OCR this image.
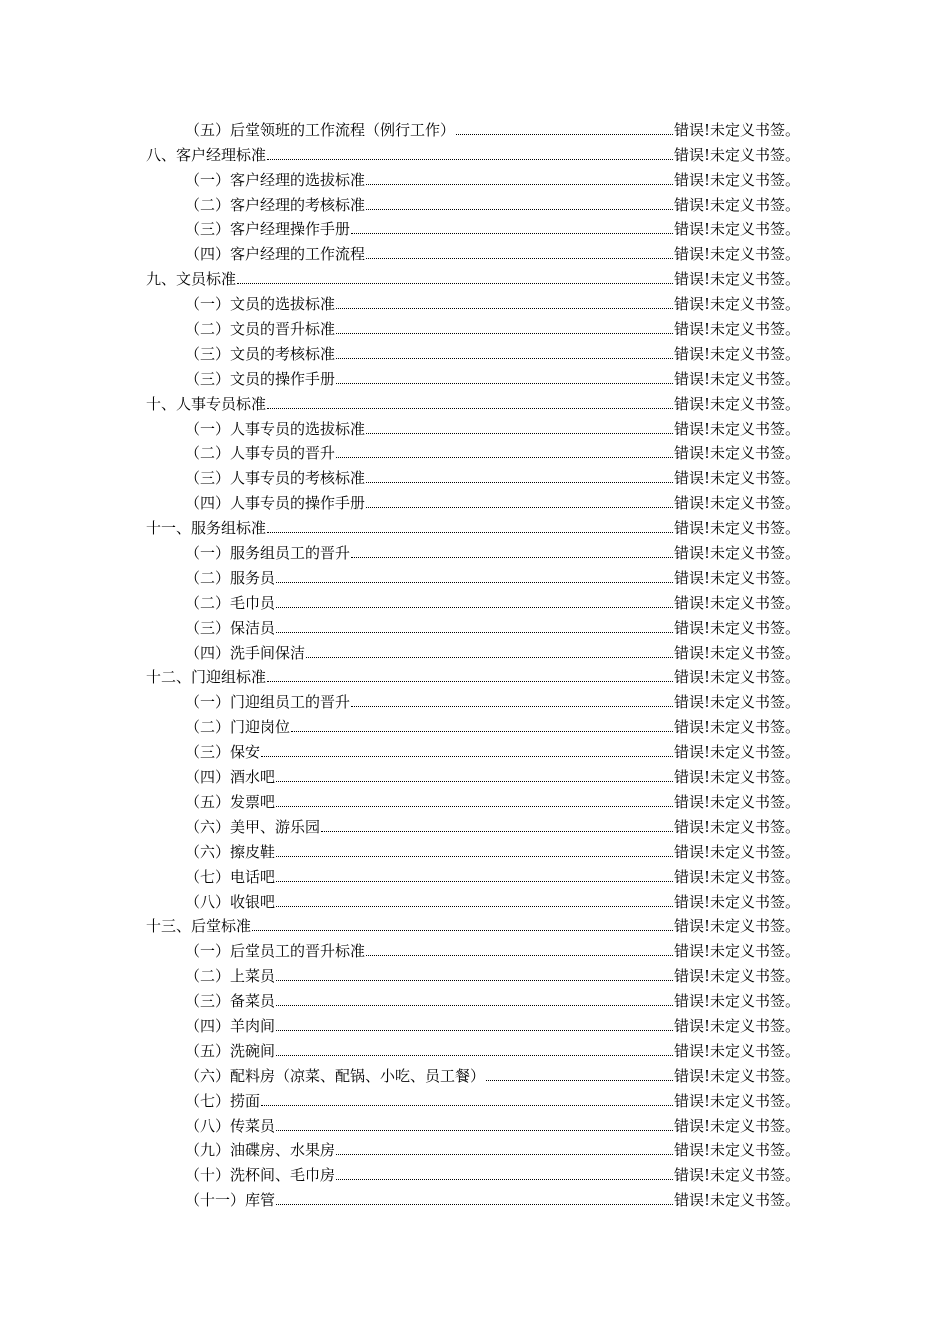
（五）后堂领班的工作流程（例行工作）	错误!未定义书签。
八、客户经理标准	错误!未定义书签。
（一）客户经理的选拔标准	错误!未定义书签。
（二）客户经理的考核标准	错误!未定义书签。
（三）客户经理操作手册	错误!未定义书签。
（四）客户经理的工作流程	错误!未定义书签。
九、文员标准	错误!未定义书签。
（一）文员的选拔标准	错误!未定义书签。
（二）文员的晋升标准	错误!未定义书签。
（三）文员的考核标准	错误!未定义书签。
（三）文员的操作手册	错误!未定义书签。
十、人事专员标准	错误!未定义书签。
（一）人事专员的选拔标准	错误!未定义书签。
（二）人事专员的晋升	错误!未定义书签。
（三）人事专员的考核标准	错误!未定义书签。
（四）人事专员的操作手册	错误!未定义书签。
十一、服务组标准	错误!未定义书签。
（一）服务组员工的晋升	错误!未定义书签。
（二）服务员	错误!未定义书签。
（二）毛巾员	错误!未定义书签。
（三）保洁员	错误!未定义书签。
（四）洗手间保洁	错误!未定义书签。
十二、门迎组标准	错误!未定义书签。
（一）门迎组员工的晋升	错误!未定义书签。
（二）门迎岗位	错误!未定义书签。
（三）保安	错误!未定义书签。
（四）酒水吧	错误!未定义书签。
（五）发票吧	错误!未定义书签。
（六）美甲、游乐园	错误!未定义书签。
（六）擦皮鞋	错误!未定义书签。
（七）电话吧	错误!未定义书签。
（八）收银吧	错误!未定义书签。
十三、后堂标准	错误!未定义书签。
（一）后堂员工的晋升标准	错误!未定义书签。
（二）上菜员	错误!未定义书签。
（三）备菜员	错误!未定义书签。
（四）羊肉间	错误!未定义书签。
（五）洗碗间	错误!未定义书签。
（六）配料房（凉菜、配锅、小吃、员工餐）	错误!未定义书签。
（七）捞面	错误!未定义书签。
（八）传菜员	错误!未定义书签。
（九）油碟房、水果房	错误!未定义书签。
（十）洗杯间、毛巾房	错误!未定义书签。
（十一）库管	错误!未定义书签。
